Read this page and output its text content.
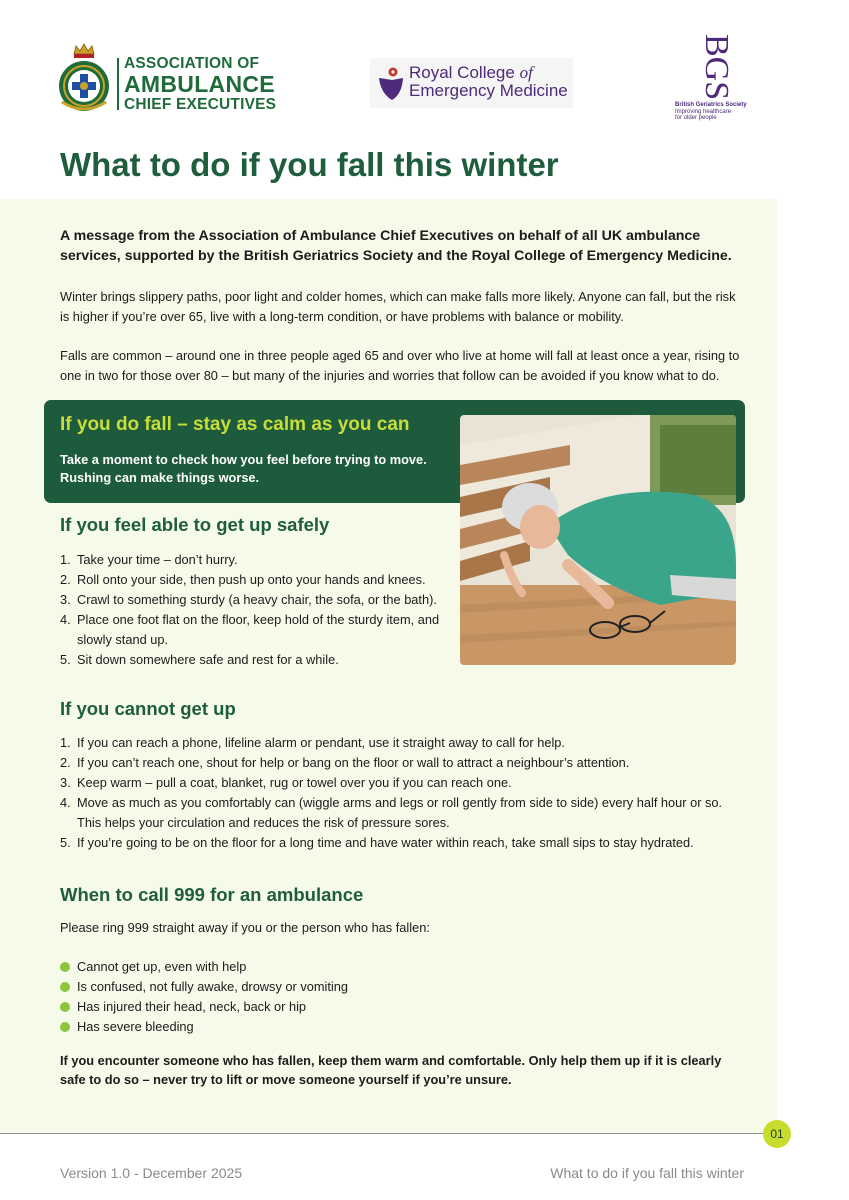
ASSOCIATION OF
AMBULANCE
CHIEF EXECUTIVES
Royal College of
Emergency Medicine	BGS
British Geriatrics Society
Improving healthcare
for older people
What to do if you fall this winter

A message from the Association of Ambulance Chief Executives on behalf of all UK ambulance services, supported by the British Geriatrics Society and the Royal College of Emergency Medicine.

Winter brings slippery paths, poor light and colder homes, which can make falls more likely. Anyone can fall, but the risk is higher if you’re over 65, live with a long-term condition, or have problems with balance or mobility.

Falls are common – around one in three people aged 65 and over who live at home will fall at least once a year, rising to one in two for those over 80 – but many of the injuries and worries that follow can be avoided if you know what to do.

If you do fall – stay as calm as you can

Take a moment to check how you feel before trying to move. Rushing can make things worse.

If you feel able to get up safely
1. Take your time – don’t hurry.
2. Roll onto your side, then push up onto your hands and knees.
3. Crawl to something sturdy (a heavy chair, the sofa, or the bath).
4. Place one foot flat on the floor, keep hold of the sturdy item, and slowly stand up.
5. Sit down somewhere safe and rest for a while.
If you cannot get up
1. If you can reach a phone, lifeline alarm or pendant, use it straight away to call for help.
2. If you can’t reach one, shout for help or bang on the floor or wall to attract a neighbour’s attention.
3. Keep warm – pull a coat, blanket, rug or towel over you if you can reach one.
4. Move as much as you comfortably can (wiggle arms and legs or roll gently from side to side) every half hour or so. This helps your circulation and reduces the risk of pressure sores.
5. If you’re going to be on the floor for a long time and have water within reach, take small sips to stay hydrated.
When to call 999 for an ambulance

Please ring 999 straight away if you or the person who has fallen:

Cannot get up, even with help
Is confused, not fully awake, drowsy or vomiting
Has injured their head, neck, back or hip
Has severe bleeding

If you encounter someone who has fallen, keep them warm and comfortable. Only help them up if it is clearly safe to do so – never try to lift or move someone yourself if you’re unsure.

01
Version 1.0 - December 2025	What to do if you fall this winter
